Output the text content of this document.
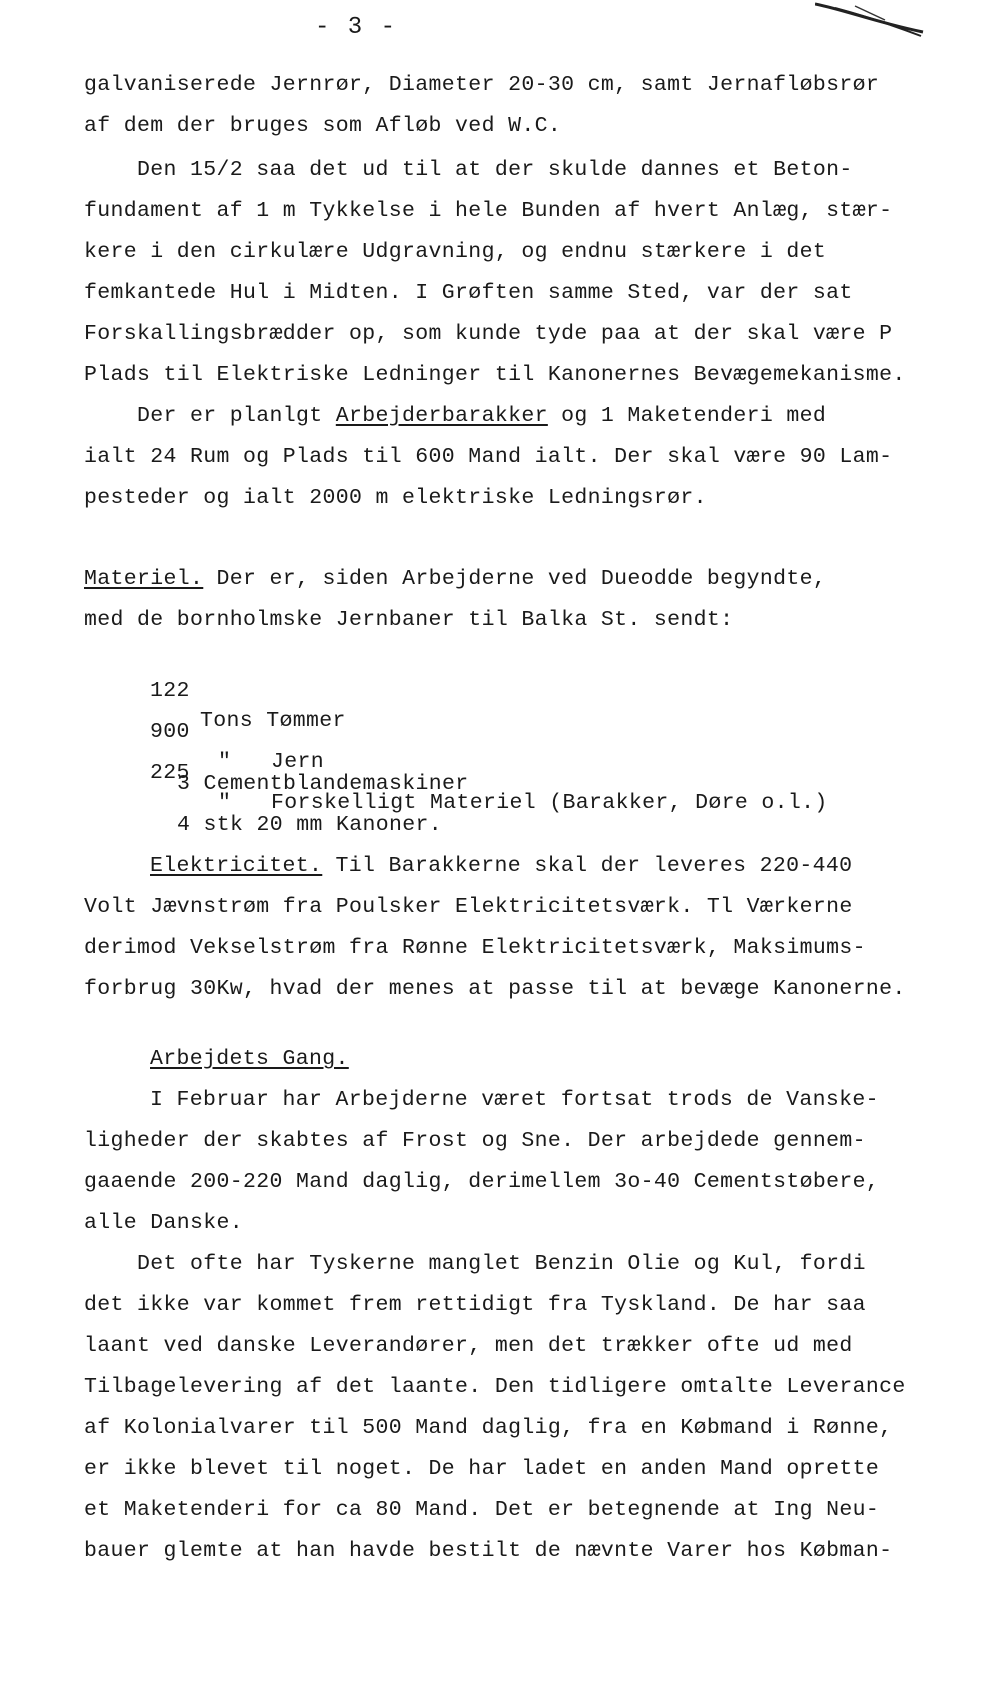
- 3 -
galvaniserede Jernrør, Diameter 20-30 cm, samt Jernafløbsrør
af dem der bruges som Afløb ved W.C.
Den 15/2 saa det ud til at der skulde dannes et Beton-
fundament af 1 m Tykkelse i hele Bunden af hvert Anlæg, stær-
kere i den cirkulære Udgravning, og endnu stærkere i det
femkantede Hul i Midten. I Grøften samme Sted, var der sat
Forskallingsbrædder op, som kunde tyde paa at der skal være P
Plads til Elektriske Ledninger til Kanonernes Bevægemekanisme.
Der er planlgt Arbejderbarakker og 1 Maketenderi med
ialt 24 Rum og Plads til 600 Mand ialt. Der skal være 90 Lam-
pesteder og ialt 2000 m elektriske Ledningsrør.
Materiel. Der er, siden Arbejderne ved Dueodde begyndte,
med de bornholmske Jernbaner til Balka St. sendt:

122

Tons Tømmer

900

"   Jern

225

"   Forskelligt Materiel (Barakker, Døre o.l.)

3 Cementblandemaskiner
4 stk 20 mm Kanoner.
Elektricitet. Til Barakkerne skal der leveres 220-440
Volt Jævnstrøm fra Poulsker Elektricitetsværk. Tl Værkerne
derimod Vekselstrøm fra Rønne Elektricitetsværk, Maksimums-
forbrug 30Kw, hvad der menes at passe til at bevæge Kanonerne.
Arbejdets Gang.
I Februar har Arbejderne været fortsat trods de Vanske-
ligheder der skabtes af Frost og Sne. Der arbejdede gennem-
gaaende 200-220 Mand daglig, derimellem 3o-40 Cementstøbere,
alle Danske.
Det ofte har Tyskerne manglet Benzin Olie og Kul, fordi
det ikke var kommet frem rettidigt fra Tyskland. De har saa
laant ved danske Leverandører, men det trækker ofte ud med
Tilbagelevering af det laante. Den tidligere omtalte Leverance
af Kolonialvarer til 500 Mand daglig, fra en Købmand i Rønne,
er ikke blevet til noget. De har ladet en anden Mand oprette
et Maketenderi for ca 80 Mand. Det er betegnende at Ing Neu-
bauer glemte at han havde bestilt de nævnte Varer hos Købman-
